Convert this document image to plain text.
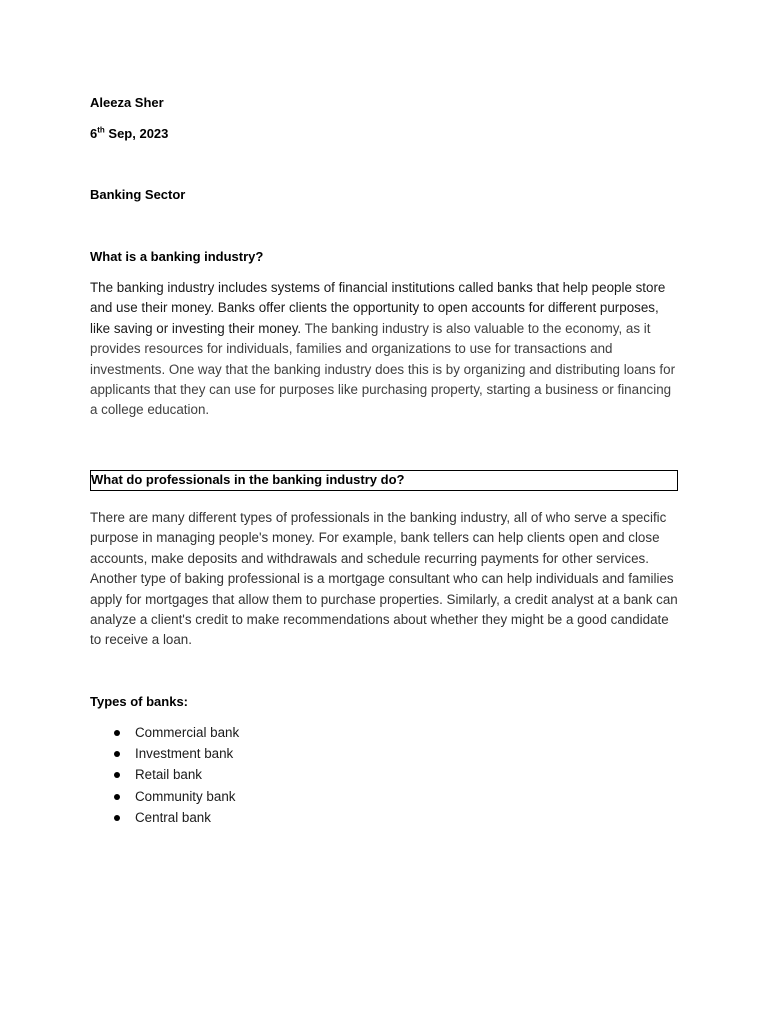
Aleeza Sher
6th Sep, 2023
Banking Sector
What is a banking industry?
The banking industry includes systems of financial institutions called banks that help people store and use their money. Banks offer clients the opportunity to open accounts for different purposes, like saving or investing their money. The banking industry is also valuable to the economy, as it provides resources for individuals, families and organizations to use for transactions and investments. One way that the banking industry does this is by organizing and distributing loans for applicants that they can use for purposes like purchasing property, starting a business or financing a college education.
What do professionals in the banking industry do?
There are many different types of professionals in the banking industry, all of who serve a specific purpose in managing people's money. For example, bank tellers can help clients open and close accounts, make deposits and withdrawals and schedule recurring payments for other services. Another type of baking professional is a mortgage consultant who can help individuals and families apply for mortgages that allow them to purchase properties. Similarly, a credit analyst at a bank can analyze a client's credit to make recommendations about whether they might be a good candidate to receive a loan.
Types of banks:
Commercial bank
Investment bank
Retail bank
Community bank
Central bank
